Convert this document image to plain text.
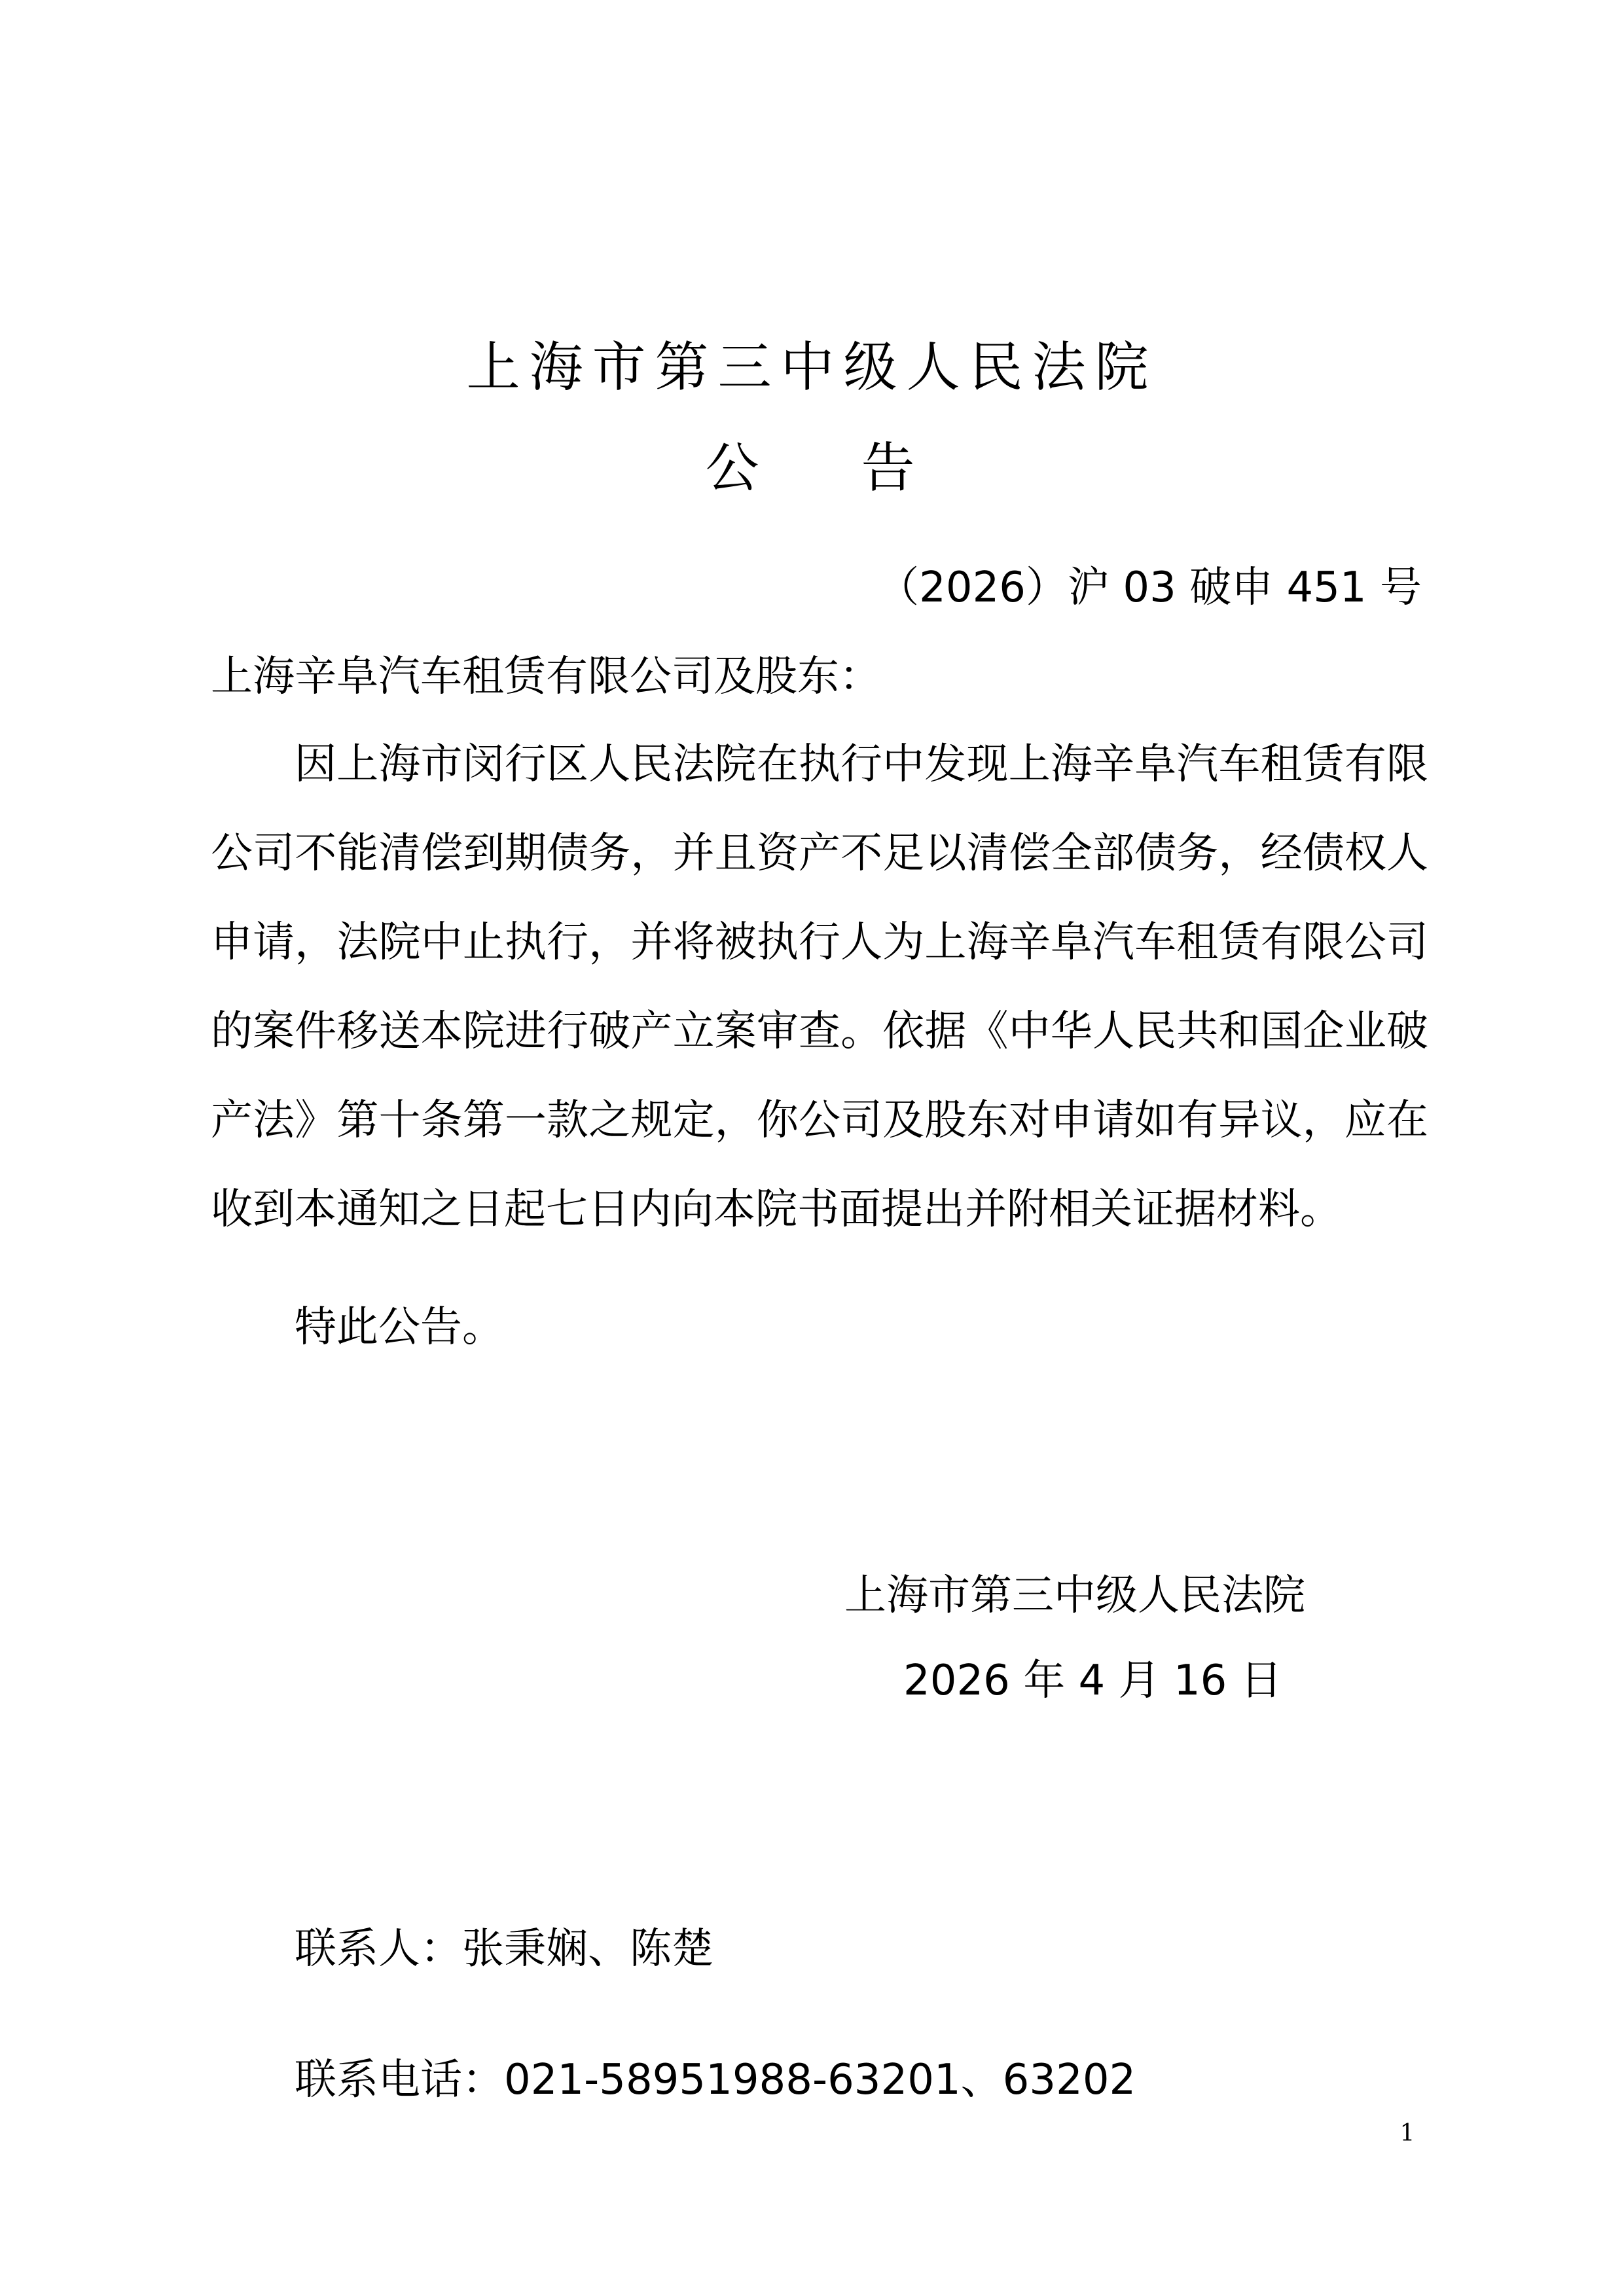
上海市第三中级人民法院
公 告
（2026）沪 03 破申 451 号
上海辛阜汽车租赁有限公司及股东：
因上海市闵行区人民法院在执行中发现上海辛阜汽车租赁有限公司不能清偿到期债务，并且资产不足以清偿全部债务，经债权人申请，法院中止执行，并将被执行人为上海辛阜汽车租赁有限公司的案件移送本院进行破产立案审查。依据《中华人民共和国企业破产法》第十条第一款之规定，你公司及股东对申请如有异议，应在收到本通知之日起七日内向本院书面提出并附相关证据材料。
特此公告。
上海市第三中级人民法院
2026 年 4 月 16 日
联系人：张秉娴、陈楚
联系电话：021-58951988-63201、63202
1
